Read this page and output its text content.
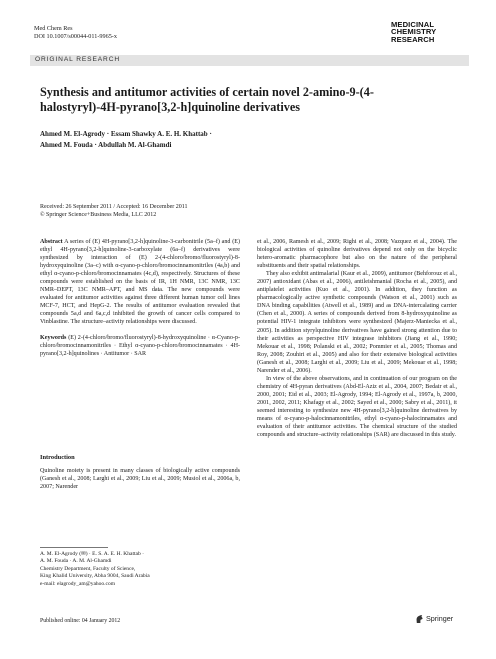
Med Chem Res
DOI 10.1007/s00044-011-9965-x
MEDICINAL
CHEMISTRY
RESEARCH
ORIGINAL RESEARCH
Synthesis and antitumor activities of certain novel 2-amino-9-(4-halostyryl)-4H-pyrano[3,2-h]quinoline derivatives
Ahmed M. El-Agrody · Essam Shawky A. E. H. Khattab ·
Ahmed M. Fouda · Abdullah M. Al-Ghamdi
Received: 26 September 2011 / Accepted: 16 December 2011
© Springer Science+Business Media, LLC 2012

Abstract A series of (E) 4H-pyrano[3,2-h]quinoline-3-carbonitrile (5a–f) and (E) ethyl 4H-pyrano[3,2-h]quinoline-3-carboxylate (6a–f) derivatives were synthesized by interaction of (E) 2-(4-chloro/bromo/fluorostyryl)-8-hydroxyquinoline (3a–c) with α-cyano-p-chloro/bromocinnamonitriles (4a,b) and ethyl α-cyano-p-chloro/bromocinnamates (4c,d), respectively. Structures of these compounds were established on the basis of IR, 1H NMR, 13C NMR, 13C NMR–DEPT, 13C NMR–APT, and MS data. The new compounds were evaluated for antitumor activities against three different human tumor cell lines MCF-7, HCT, and HepG-2. The results of antitumor evaluation revealed that compounds 5a,d and 6a,c,d inhibited the growth of cancer cells compared to Vinblastine. The structure–activity relationships were discussed.

Keywords (E) 2-(4-chloro/bromo/fluorostyryl)-8-hydroxyquinoline · α-Cyano-p-chloro/bromocinnamonitriles · Ethyl α-cyano-p-chloro/bromocinnamates · 4H-pyrano[3,2-h]quinolines · Antitumor · SAR

Introduction

Quinoline moiety is present in many classes of biologically active compounds (Ganesh et al., 2008; Larghi et al., 2009; Liu et al., 2009; Musiol et al., 2006a, b, 2007; Narender

A. M. El-Agrody (✉) · E. S. A. E. H. Khattab ·
A. M. Fouda · A. M. Al-Ghamdi
Chemistry Department, Faculty of Science,
King Khalid University, Abha 9004, Saudi Arabia
e-mail: elagrody_am@yahoo.com

et al., 2006, Ramesh et al., 2009; Righi et al., 2008; Vazquez et al., 2004). The biological activities of quinoline derivatives depend not only on the bicyclic hetero-aromatic pharmacophore but also on the nature of the peripheral substituents and their spatial relationships.

They also exhibit antimalarial (Kaur et al., 2009), antitumor (Behforouz et al., 2007) antioxidant (Abas et al., 2006), antileishmanial (Rocha et al., 2005), and antiplatelet activities (Kuo et al., 2001). In addition, they function as pharmacologically active synthetic compounds (Watson et al., 2001) such as DNA binding capabilities (Atwell et al., 1989) and as DNA-intercalating carrier (Chen et al., 2000). A series of compounds derived from 8-hydroxyquinoline as potential HIV-1 integrate inhibitors were synthesized (Majerz-Maniecka et al., 2005). In addition styrylquinoline derivatives have gained strong attention due to their activities as perspective HIV integrase inhibitors (Jiang et al., 1990; Mekouar et al., 1998; Polanski et al., 2002; Pommier et al., 2005; Thomas and Roy, 2008; Zouhiri et al., 2005) and also for their extensive biological activities (Ganesh et al., 2008; Larghi et al., 2009; Liu et al., 2009; Mekouar et al., 1998; Narender et al., 2006).

In view of the above observations, and in continuation of our program on the chemistry of 4H-pyran derivatives (Abd-El-Aziz et al., 2004, 2007; Bedair et al., 2000, 2001; Eid et al., 2003; El-Agrody, 1994; El-Agrody et al., 1997a, b, 2000, 2001, 2002, 2011; Khafagy et al., 2002; Sayed et al., 2000; Sabry et al., 2011), it seemed interesting to synthesize new 4H-pyrano[3,2-h]quinoline derivatives by means of α-cyano-p-halocinnamonitriles, ethyl α-cyano-p-halocinnamates and evaluation of their antitumor activities. The chemical structure of the studied compounds and structure–activity relationships (SAR) are discussed in this study.

Published online: 04 January 2012	Springer
